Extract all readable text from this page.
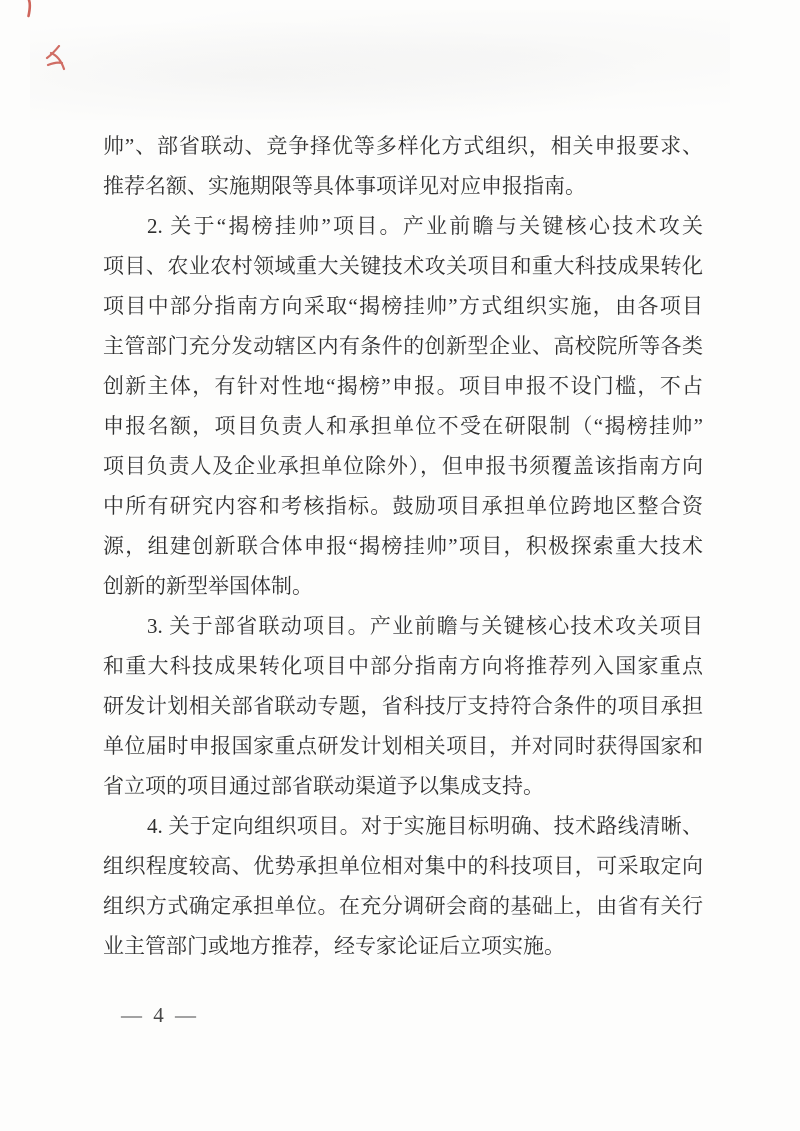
帅”、部省联动、竞争择优等多样化方式组织，相关申报要求、
推荐名额、实施期限等具体事项详见对应申报指南。
2. 关于“揭榜挂帅”项目。产业前瞻与关键核心技术攻关
项目、农业农村领域重大关键技术攻关项目和重大科技成果转化
项目中部分指南方向采取“揭榜挂帅”方式组织实施，由各项目
主管部门充分发动辖区内有条件的创新型企业、高校院所等各类
创新主体，有针对性地“揭榜”申报。项目申报不设门槛，不占
申报名额，项目负责人和承担单位不受在研限制（“揭榜挂帅”
项目负责人及企业承担单位除外），但申报书须覆盖该指南方向
中所有研究内容和考核指标。鼓励项目承担单位跨地区整合资
源，组建创新联合体申报“揭榜挂帅”项目，积极探索重大技术
创新的新型举国体制。
3. 关于部省联动项目。产业前瞻与关键核心技术攻关项目
和重大科技成果转化项目中部分指南方向将推荐列入国家重点
研发计划相关部省联动专题，省科技厅支持符合条件的项目承担
单位届时申报国家重点研发计划相关项目，并对同时获得国家和
省立项的项目通过部省联动渠道予以集成支持。
4. 关于定向组织项目。对于实施目标明确、技术路线清晰、
组织程度较高、优势承担单位相对集中的科技项目，可采取定向
组织方式确定承担单位。在充分调研会商的基础上，由省有关行
业主管部门或地方推荐，经专家论证后立项实施。
— 4 —
